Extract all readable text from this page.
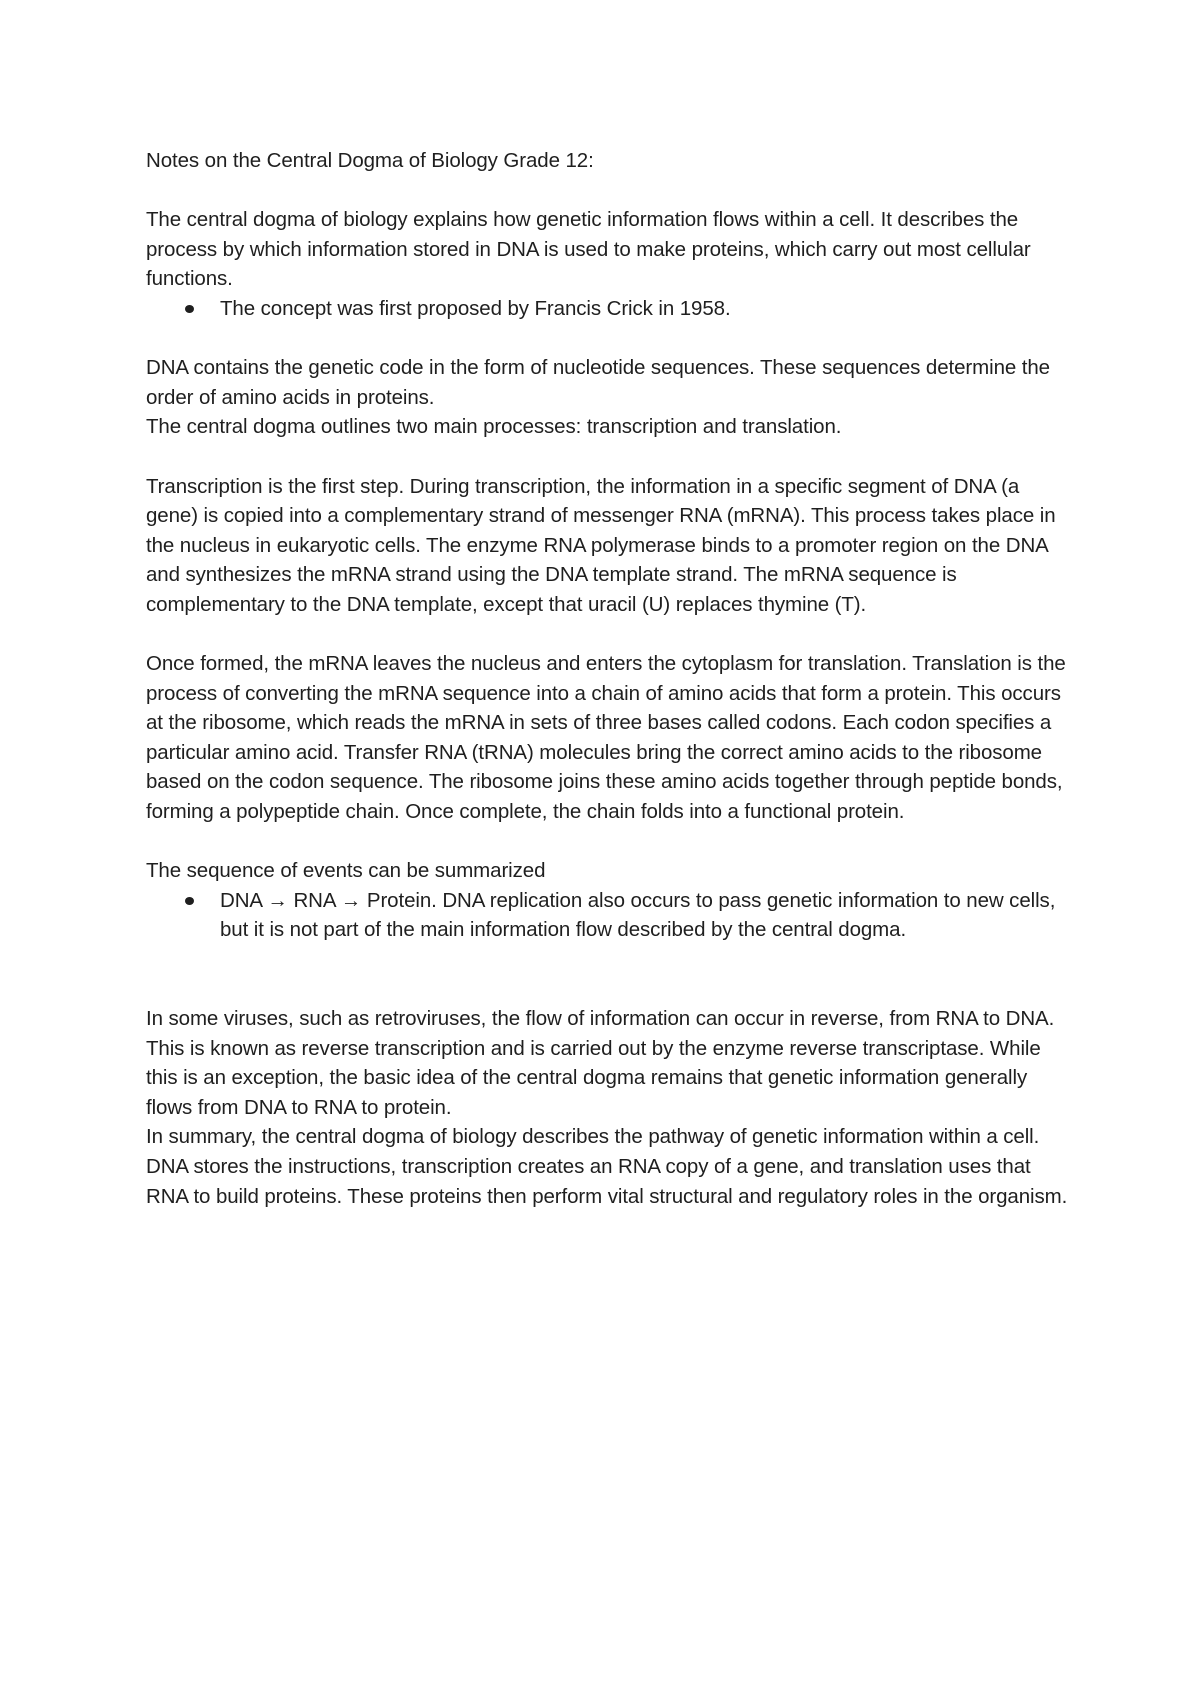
Notes on the Central Dogma of Biology Grade 12:

The central dogma of biology explains how genetic information flows within a cell. It describes the process by which information stored in DNA is used to make proteins, which carry out most cellular functions.

The concept was first proposed by Francis Crick in 1958.

DNA contains the genetic code in the form of nucleotide sequences. These sequences determine the order of amino acids in proteins.

The central dogma outlines two main processes: transcription and translation.

Transcription is the first step. During transcription, the information in a specific segment of DNA (a gene) is copied into a complementary strand of messenger RNA (mRNA). This process takes place in the nucleus in eukaryotic cells. The enzyme RNA polymerase binds to a promoter region on the DNA and synthesizes the mRNA strand using the DNA template strand. The mRNA sequence is complementary to the DNA template, except that uracil (U) replaces thymine (T).

Once formed, the mRNA leaves the nucleus and enters the cytoplasm for translation. Translation is the process of converting the mRNA sequence into a chain of amino acids that form a protein. This occurs at the ribosome, which reads the mRNA in sets of three bases called codons. Each codon specifies a particular amino acid. Transfer RNA (tRNA) molecules bring the correct amino acids to the ribosome based on the codon sequence. The ribosome joins these amino acids together through peptide bonds, forming a polypeptide chain. Once complete, the chain folds into a functional protein.

The sequence of events can be summarized

DNA → RNA → Protein. DNA replication also occurs to pass genetic information to new cells, but it is not part of the main information flow described by the central dogma.

In some viruses, such as retroviruses, the flow of information can occur in reverse, from RNA to DNA. This is known as reverse transcription and is carried out by the enzyme reverse transcriptase. While this is an exception, the basic idea of the central dogma remains that genetic information generally flows from DNA to RNA to protein.

In summary, the central dogma of biology describes the pathway of genetic information within a cell. DNA stores the instructions, transcription creates an RNA copy of a gene, and translation uses that RNA to build proteins. These proteins then perform vital structural and regulatory roles in the organism.
